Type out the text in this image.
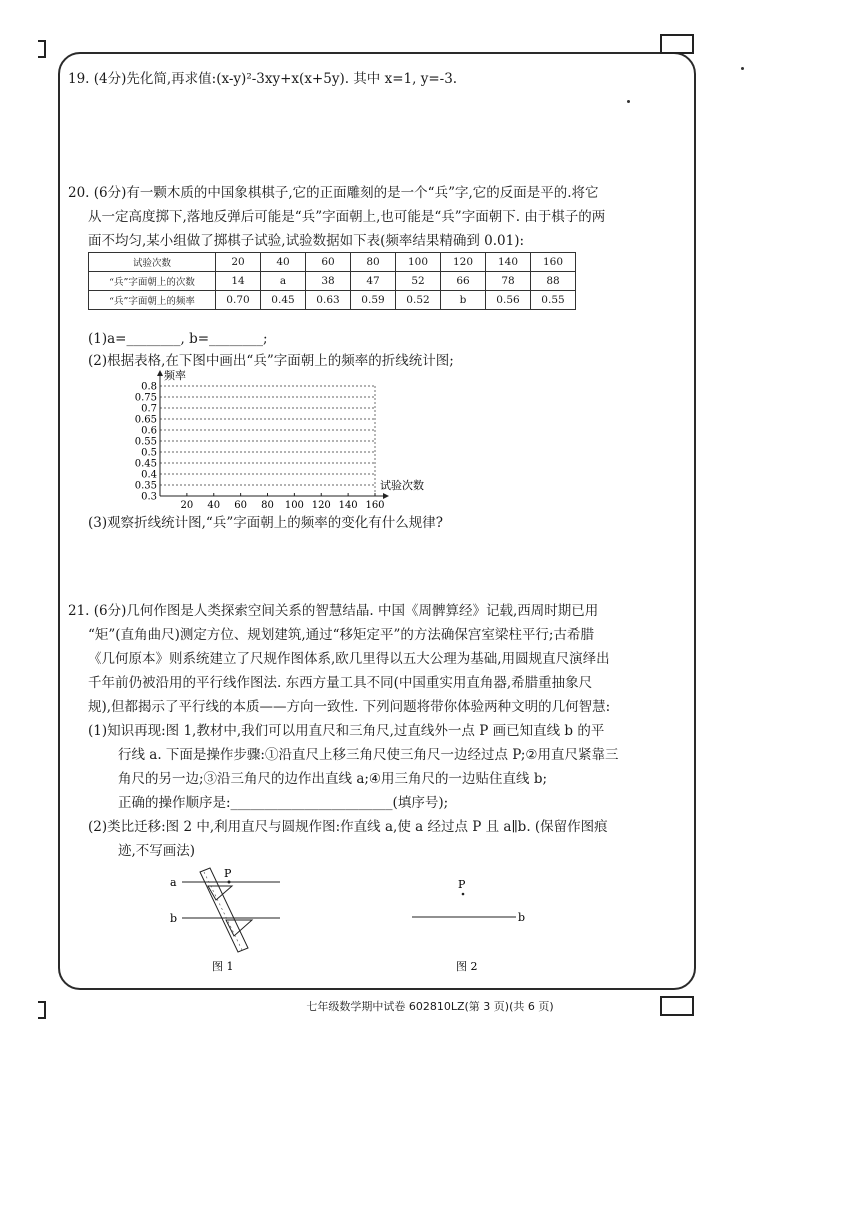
19. (4分)先化简,再求值:(x-y)²-3xy+x(x+5y). 其中 x=1, y=-3.
20. (6分)有一颗木质的中国象棋棋子,它的正面雕刻的是一个“兵”字,它的反面是平的.将它
从一定高度掷下,落地反弹后可能是“兵”字面朝上,也可能是“兵”字面朝下. 由于棋子的两
面不均匀,某小组做了掷棋子试验,试验数据如下表(频率结果精确到 0.01):
试验次数	20	40	60	80	100	120	140	160
“兵”字面朝上的次数	14	a	38	47	52	66	78	88
“兵”字面朝上的频率	0.70	0.45	0.63	0.59	0.52	b	0.56	0.55
(1)a=________, b=________;
(2)根据表格,在下图中画出“兵”字面朝上的频率的折线统计图;
0.8
0.75
0.7
0.65
0.6
0.55
0.5
0.45
0.4
0.35
0.3
20 40 60 80 100 120 140 160
频率
试验次数
(3)观察折线统计图,“兵”字面朝上的频率的变化有什么规律?
21. (6分)几何作图是人类探索空间关系的智慧结晶. 中国《周髀算经》记载,西周时期已用
“矩”(直角曲尺)测定方位、规划建筑,通过“移矩定平”的方法确保宫室梁柱平行;古希腊
《几何原本》则系统建立了尺规作图体系,欧几里得以五大公理为基础,用圆规直尺演绎出
千年前仍被沿用的平行线作图法. 东西方量工具不同(中国重实用直角器,希腊重抽象尺
规),但都揭示了平行线的本质——方向一致性. 下列问题将带你体验两种文明的几何智慧:
(1)知识再现:图 1,教材中,我们可以用直尺和三角尺,过直线外一点 P 画已知直线 b 的平
行线 a. 下面是操作步骤:①沿直尺上移三角尺使三角尺一边经过点 P;②用直尺紧靠三
角尺的另一边;③沿三角尺的边作出直线 a;④用三角尺的一边贴住直线 b;
正确的操作顺序是:________________________(填序号);
(2)类比迁移:图 2 中,利用直尺与圆规作图:作直线 a,使 a 经过点 P 且 a∥b. (保留作图痕
迹,不写画法)
P
a
b
图 1
P
b
图 2
七年级数学期中试卷 602810LZ(第 3 页)(共 6 页)
